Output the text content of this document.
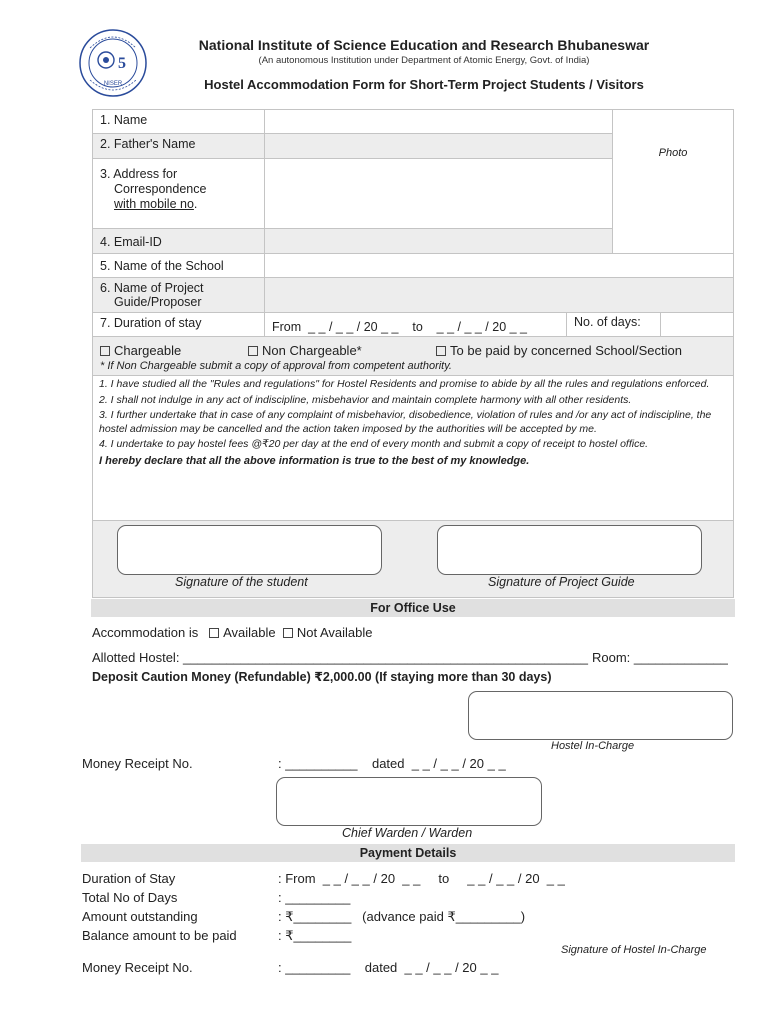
5
NISER
National Institute of Science Education and Research Bhubaneswar
(An autonomous Institution under Department of Atomic Energy, Govt. of India)
Hostel Accommodation Form for Short-Term Project Students / Visitors
1. Name
2. Father's Name
3. Address for
Correspondence
with mobile no.
4. Email-ID
Photo
5. Name of the School
6. Name of Project
Guide/Proposer
7. Duration of stay	From  _ _ / _ _ / 20 _ _    to    _ _ / _ _ / 20 _ _	No. of days:
Chargeable	Non Chargeable*	To be paid by concerned School/Section
* If Non Chargeable submit a copy of approval from competent authority.
1. I have studied all the "Rules and regulations" for Hostel Residents and promise to abide by all the rules and regulations enforced.
2. I shall not indulge in any act of indiscipline, misbehavior and maintain complete harmony with all other residents.
3. I further undertake that in case of any complaint of misbehavior, disobedience, violation of rules and /or any act of indiscipline, the hostel admission may be cancelled and the action taken imposed by the authorities will be accepted by me.
4. I undertake to pay hostel fees @₹20 per day at the end of every month and submit a copy of receipt to hostel office.
I hereby declare that all the above information is true to the best of my knowledge.
Signature of the student	Signature of Project Guide
For Office Use
Accommodation is Available Not Available
Allotted Hostel: ________________________________________________________ Room: _____________
Deposit Caution Money (Refundable) ₹2,000.00 (If staying more than 30 days)
Hostel In-Charge
Money Receipt No.	: __________    dated  _ _ / _ _ / 20 _ _
Chief Warden / Warden
Payment Details
Duration of Stay	: From  _ _ / _ _ / 20  _ _     to     _ _ / _ _ / 20  _ _
Total No of Days	: _________
Amount outstanding	: ₹________   (advance paid ₹_________)
Balance amount to be paid	: ₹________
Signature of Hostel In-Charge
Money Receipt No.	: _________    dated  _ _ / _ _ / 20 _ _
